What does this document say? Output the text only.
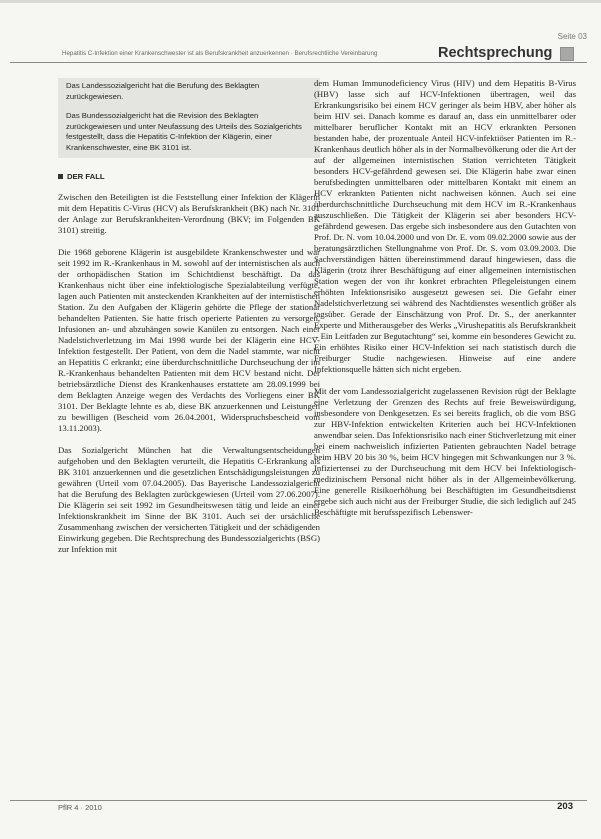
Seite 03
Hepatitis C-Infektion einer Krankenschwester ist als Berufskrankheit anzuerkennen · Berufsrechtliche Vereinbarung	Rechtsprechung

Das Landessozialgericht hat die Berufung des Beklagten zurückgewiesen.

Das Bundessozialgericht hat die Revision des Beklagten zurückgewiesen und unter Neufassung des Urteils des Sozialgerichts festgestellt, dass die Hepatitis C-Infektion der Klägerin, einer Krankenschwester, eine BK 3101 ist.

DER FALL

Zwischen den Beteiligten ist die Feststellung einer Infektion der Klägerin mit dem Hepatitis C-Virus (HCV) als Berufskrankheit (BK) nach Nr. 3101 der Anlage zur Berufskrankheiten-Verordnung (BKV; im Folgenden BK 3101) streitig.

Die 1968 geborene Klägerin ist ausgebildete Krankenschwester und war seit 1992 im R.-Krankenhaus in M. sowohl auf der internistischen als auch der orthopädischen Station im Schichtdienst beschäftigt. Da das Krankenhaus nicht über eine infektiologische Spezialabteilung verfügte, lagen auch Patienten mit ansteckenden Krankheiten auf der internistischen Station. Zu den Aufgaben der Klägerin gehörte die Pflege der stationär behandelten Patienten. Sie hatte frisch operierte Patienten zu versorgen, Infusionen an- und abzuhängen sowie Kanülen zu entsorgen. Nach einer Nadelstichverletzung im Mai 1998 wurde bei der Klägerin eine HCV-Infektion festgestellt. Der Patient, von dem die Nadel stammte, war nicht an Hepatitis C erkrankt; eine überdurchschnittliche Durchseuchung der im R.-Krankenhaus behandelten Patienten mit dem HCV bestand nicht. Der betriebsärztliche Dienst des Krankenhauses erstattete am 28.09.1999 bei dem Beklagten Anzeige wegen des Verdachts des Vorliegens einer BK 3101. Der Beklagte lehnte es ab, diese BK anzuerkennen und Leistungen zu bewilligen (Bescheid vom 26.04.2001, Widerspruchsbescheid vom 13.11.2003).

Das Sozialgericht München hat die Verwaltungsentscheidungen aufgehoben und den Beklagten verurteilt, die Hepatitis C-Erkrankung als BK 3101 anzuerkennen und die gesetzlichen Entschädigungsleistungen zu gewähren (Urteil vom 07.04.2005). Das Bayerische Landessozialgericht hat die Berufung des Beklagten zurückgewiesen (Urteil vom 27.06.2007). Die Klägerin sei seit 1992 im Gesundheitswesen tätig und leide an einer Infektionskrankheit im Sinne der BK 3101. Auch sei der ursächliche Zusammenhang zwischen der versicherten Tätigkeit und der schädigenden Einwirkung gegeben. Die Rechtsprechung des Bundessozialgerichts (BSG) zur Infektion mit

dem Human Immunodeficiency Virus (HIV) und dem Hepatitis B-Virus (HBV) lasse sich auf HCV-Infektionen übertragen, weil das Erkrankungsrisiko bei einem HCV geringer als beim HBV, aber höher als beim HIV sei. Danach komme es darauf an, dass ein unmittelbarer oder mittelbarer beruflicher Kontakt mit an HCV erkrankten Personen bestanden habe, der prozentuale Anteil HCV-infektiöser Patienten im R.-Krankenhaus deutlich höher als in der Normalbevölkerung oder die Art der auf der allgemeinen internistischen Station verrichteten Tätigkeit besonders HCV-gefährdend gewesen sei. Die Klägerin habe zwar einen berufsbedingten unmittelbaren oder mittelbaren Kontakt mit einem an HCV erkrankten Patienten nicht nachweisen können. Auch sei eine überdurchschnittliche Durchseuchung mit dem HCV im R.-Krankenhaus auszuschließen. Die Tätigkeit der Klägerin sei aber besonders HCV-gefährdend gewesen. Das ergebe sich insbesondere aus den Gutachten von Prof. Dr. N. vom 10.04.2000 und von Dr. E. vom 09.02.2000 sowie aus der beratungsärztlichen Stellungnahme von Prof. Dr. S. vom 03.09.2003. Die Sachverständigen hätten übereinstimmend darauf hingewiesen, dass die Klägerin (trotz ihrer Beschäftigung auf einer allgemeinen internistischen Station wegen der von ihr konkret erbrachten Pflegeleistungen einem erhöhten Infektionsrisiko ausgesetzt gewesen sei. Die Gefahr einer Nadelstichverletzung sei während des Nachtdienstes wesentlich größer als tagsüber. Gerade der Einschätzung von Prof. Dr. S., der anerkannter Experte und Mitherausgeber des Werks „Virushepatitis als Berufskrankheit – Ein Leitfaden zur Begutachtung“ sei, komme ein besonderes Gewicht zu. Ein erhöhtes Risiko einer HCV-Infektion sei nach statistisch durch die Freiburger Studie nachgewiesen. Hinweise auf eine andere Infektionsquelle hätten sich nicht ergeben.

Mit der vom Landessozialgericht zugelassenen Revision rügt der Beklagte eine Verletzung der Grenzen des Rechts auf freie Beweiswürdigung, insbesondere von Denkgesetzen. Es sei bereits fraglich, ob die vom BSG zur HBV-Infektion entwickelten Kriterien auch bei HCV-Infektionen anwendbar seien. Das Infektionsrisiko nach einer Stichverletzung mit einer bei einem nachweislich infizierten Patienten gebrauchten Nadel betrage beim HBV 20 bis 30 %, beim HCV hingegen mit Schwankungen nur 3 %. Infiziertensei zu der Durchseuchung mit dem HCV bei Infektiologisch-medizinischem Personal nicht höher als in der Allgemeinbevölkerung. Eine generelle Risikoerhöhung bei Beschäftigten im Gesundheitsdienst ergebe sich auch nicht aus der Freiburger Studie, die sich lediglich auf 245 Beschäftigte mit berufsspezifisch Lebenswer-

PflR 4 · 2010	203
